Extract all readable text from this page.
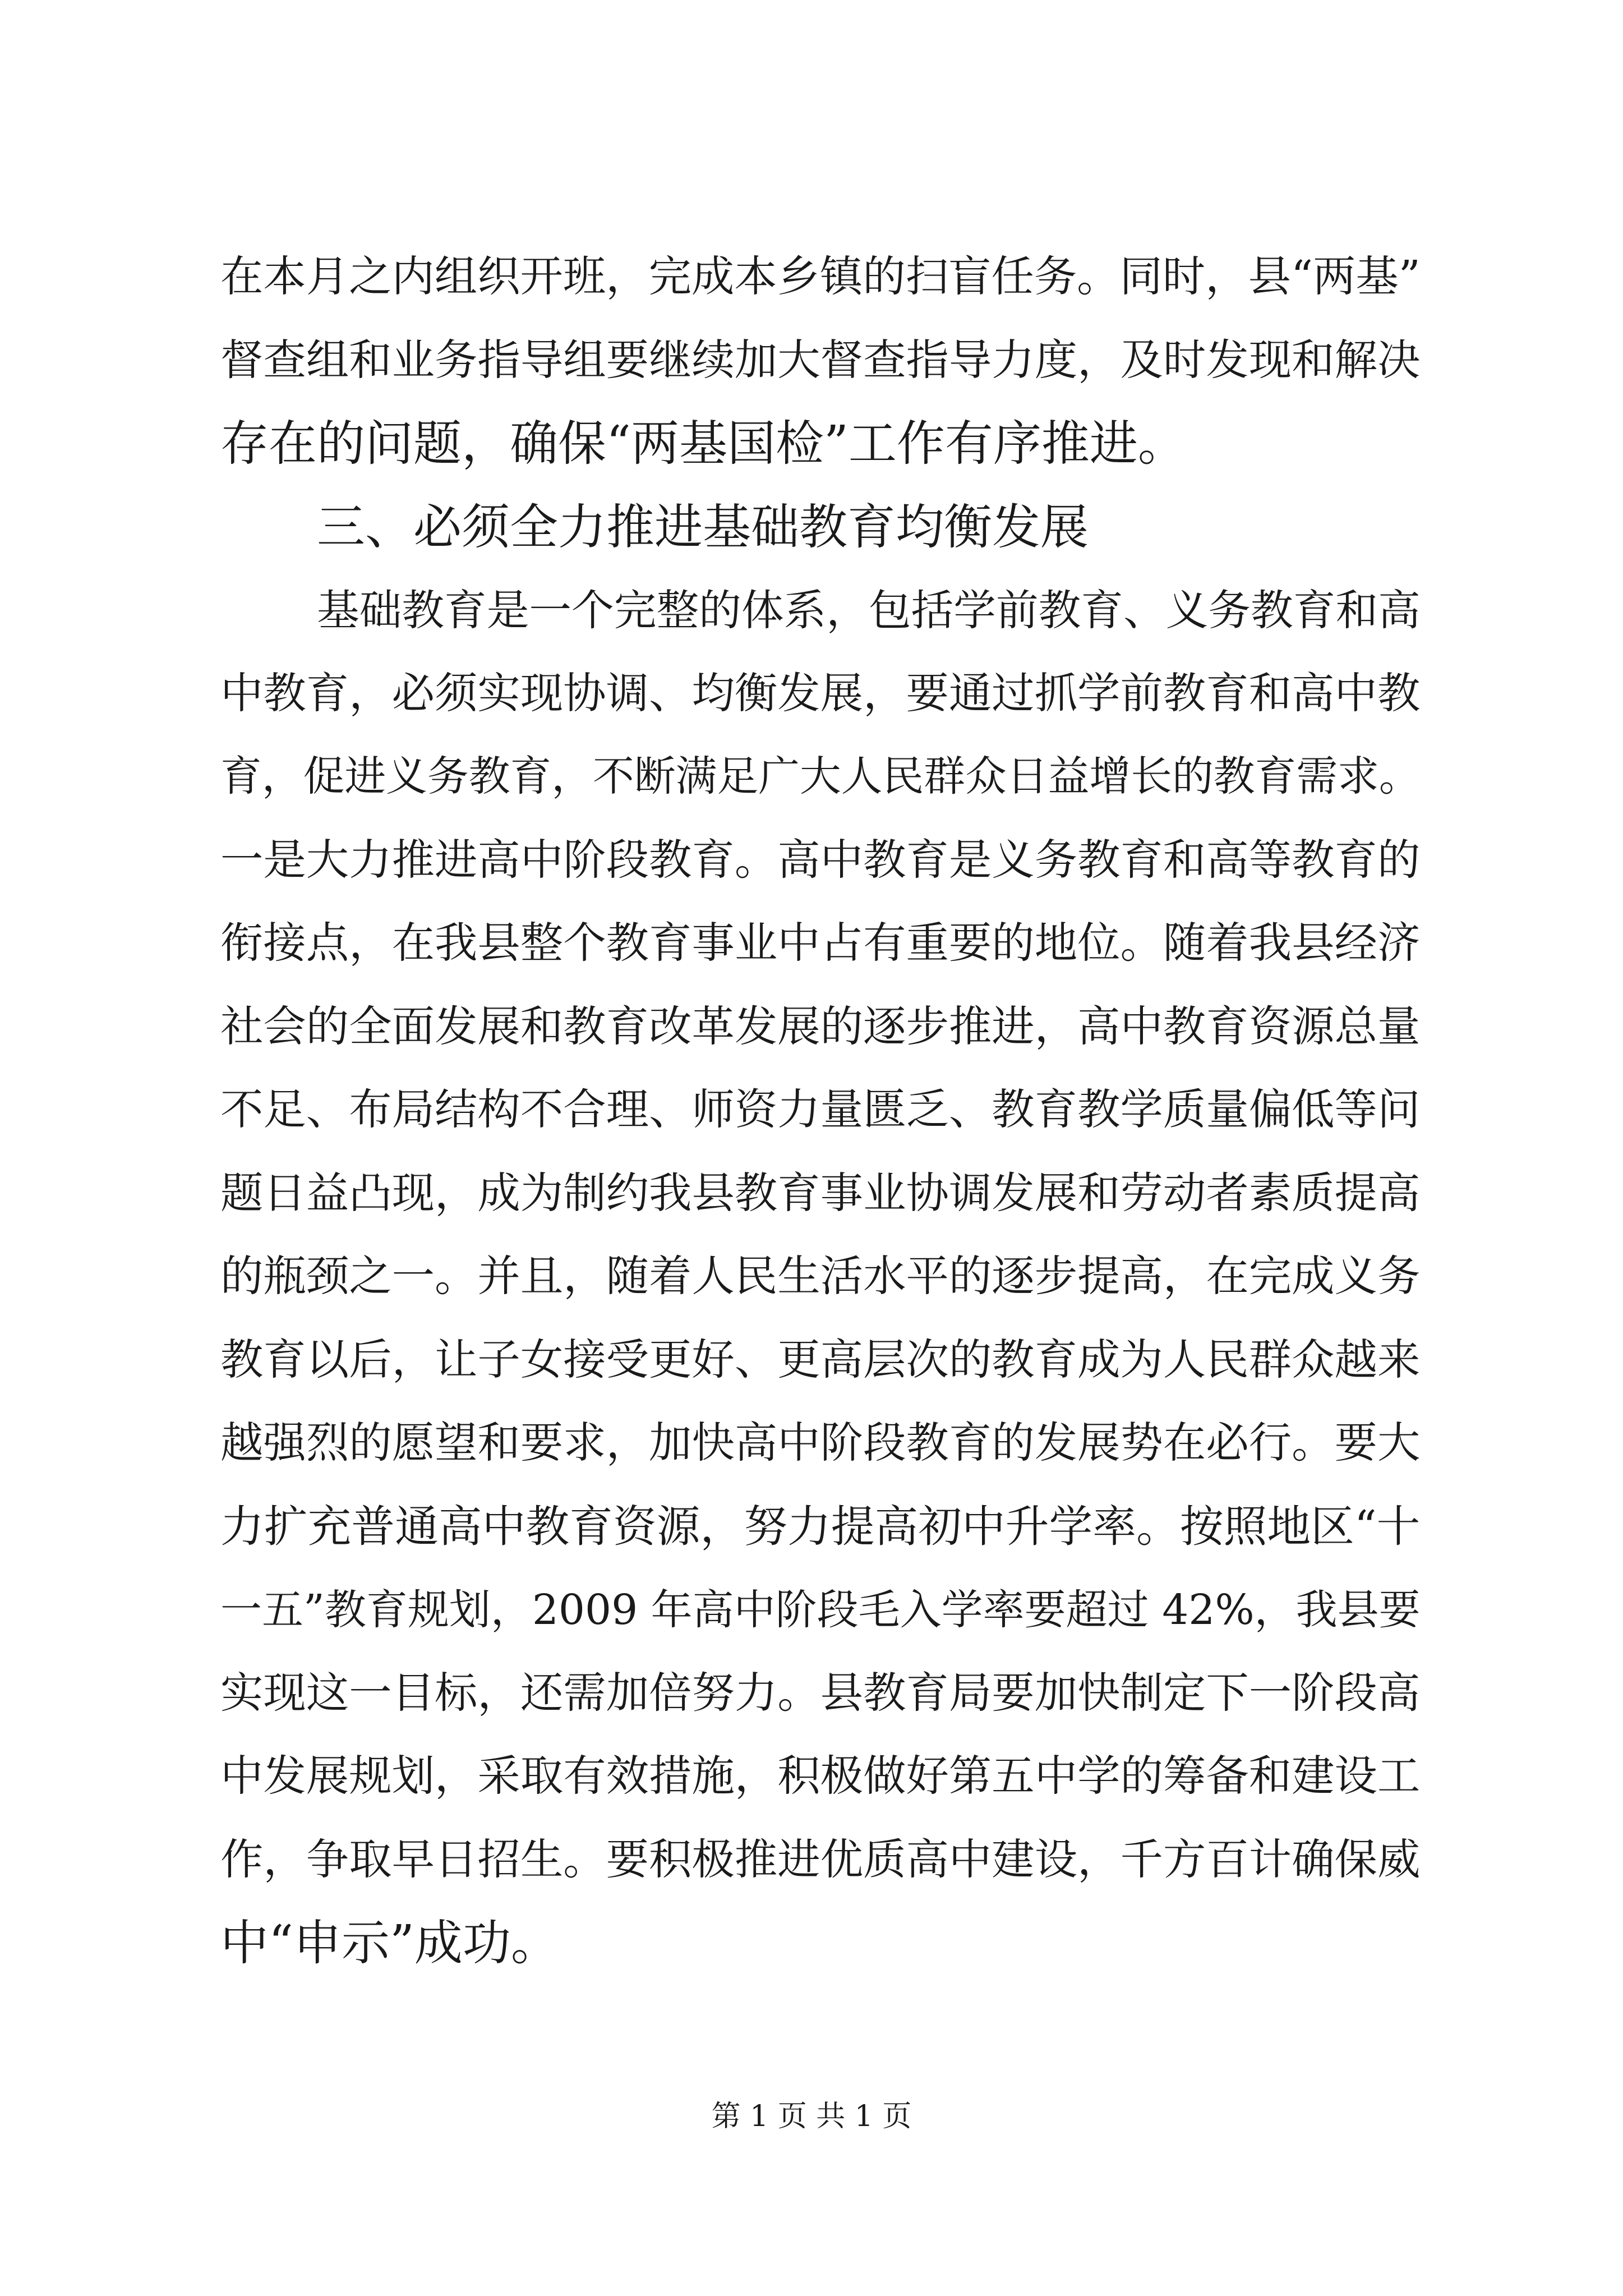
在本月之内组织开班，完成本乡镇的扫盲任务。同时，县“两基”
督查组和业务指导组要继续加大督查指导力度，及时发现和解决
存在的问题，确保“两基国检”工作有序推进。
三、必须全力推进基础教育均衡发展
基础教育是一个完整的体系，包括学前教育、义务教育和高
中教育，必须实现协调、均衡发展，要通过抓学前教育和高中教
育，促进义务教育，不断满足广大人民群众日益增长的教育需求。
一是大力推进高中阶段教育。高中教育是义务教育和高等教育的
衔接点，在我县整个教育事业中占有重要的地位。随着我县经济
社会的全面发展和教育改革发展的逐步推进，高中教育资源总量
不足、布局结构不合理、师资力量匮乏、教育教学质量偏低等问
题日益凸现，成为制约我县教育事业协调发展和劳动者素质提高
的瓶颈之一。并且，随着人民生活水平的逐步提高，在完成义务
教育以后，让子女接受更好、更高层次的教育成为人民群众越来
越强烈的愿望和要求，加快高中阶段教育的发展势在必行。要大
力扩充普通高中教育资源，努力提高初中升学率。按照地区“十
一五”教育规划，2009 年高中阶段毛入学率要超过 42%，我县要
实现这一目标，还需加倍努力。县教育局要加快制定下一阶段高
中发展规划，采取有效措施，积极做好第五中学的筹备和建设工
作，争取早日招生。要积极推进优质高中建设，千方百计确保威
中“申示”成功。
第 1 页 共 1 页
